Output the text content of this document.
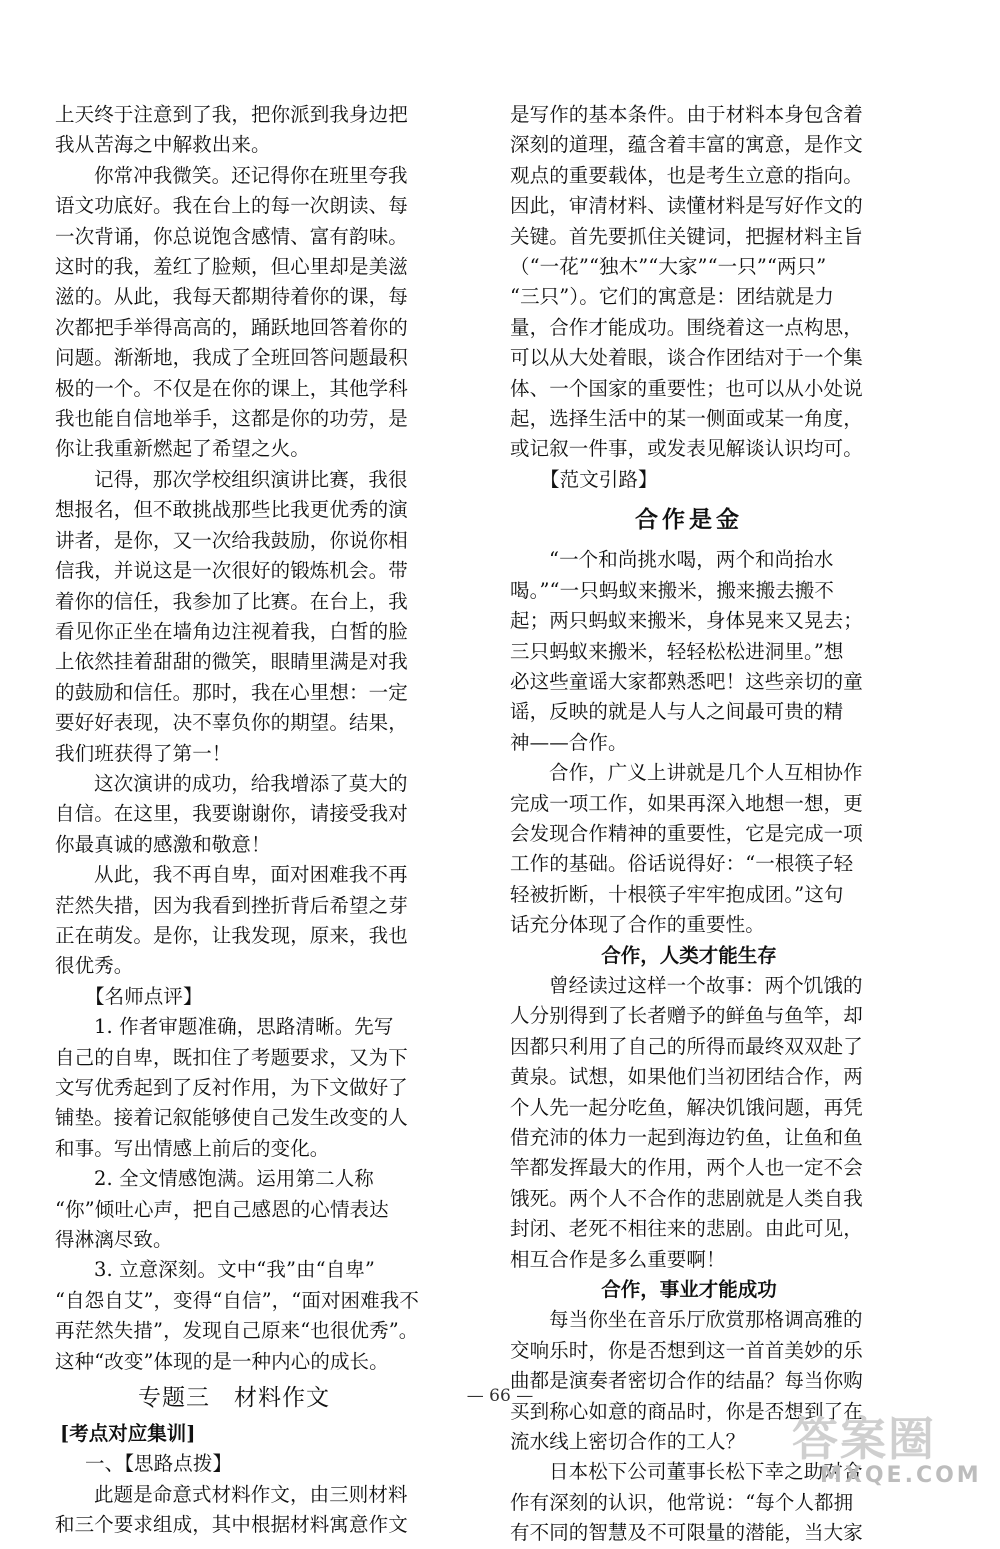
上天终于注意到了我，把你派到我身边把
我从苦海之中解救出来。
你常冲我微笑。还记得你在班里夸我
语文功底好。我在台上的每一次朗读、每
一次背诵，你总说饱含感情、富有韵味。
这时的我，羞红了脸颊，但心里却是美滋
滋的。从此，我每天都期待着你的课，每
次都把手举得高高的，踊跃地回答着你的
问题。渐渐地，我成了全班回答问题最积
极的一个。不仅是在你的课上，其他学科
我也能自信地举手，这都是你的功劳，是
你让我重新燃起了希望之火。
记得，那次学校组织演讲比赛，我很
想报名，但不敢挑战那些比我更优秀的演
讲者，是你，又一次给我鼓励，你说你相
信我，并说这是一次很好的锻炼机会。带
着你的信任，我参加了比赛。在台上，我
看见你正坐在墙角边注视着我，白皙的脸
上依然挂着甜甜的微笑，眼睛里满是对我
的鼓励和信任。那时，我在心里想：一定
要好好表现，决不辜负你的期望。结果，
我们班获得了第一！
这次演讲的成功，给我增添了莫大的
自信。在这里，我要谢谢你，请接受我对
你最真诚的感激和敬意！
从此，我不再自卑，面对困难我不再
茫然失措，因为我看到挫折背后希望之芽
正在萌发。是你，让我发现，原来，我也
很优秀。
【名师点评】
1. 作者审题准确，思路清晰。先写
自己的自卑，既扣住了考题要求，又为下
文写优秀起到了反衬作用，为下文做好了
铺垫。接着记叙能够使自己发生改变的人
和事。写出情感上前后的变化。
2. 全文情感饱满。运用第二人称
“你”倾吐心声，把自己感恩的心情表达
得淋漓尽致。
3. 立意深刻。文中“我”由“自卑”
“自怨自艾”，变得“自信”，“面对困难我不
再茫然失措”，发现自己原来“也很优秀”。
这种“改变”体现的是一种内心的成长。
专题三　材料作文
[考点对应集训]
一、【思路点拨】
此题是命意式材料作文，由三则材料
和三个要求组成，其中根据材料寓意作文
是写作的基本条件。由于材料本身包含着
深刻的道理，蕴含着丰富的寓意，是作文
观点的重要载体，也是考生立意的指向。
因此，审清材料、读懂材料是写好作文的
关键。首先要抓住关键词，把握材料主旨
（“一花”“独木”“大家”“一只”“两只”
“三只”）。它们的寓意是：团结就是力
量，合作才能成功。围绕着这一点构思，
可以从大处着眼，谈合作团结对于一个集
体、一个国家的重要性；也可以从小处说
起，选择生活中的某一侧面或某一角度，
或记叙一件事，或发表见解谈认识均可。
【范文引路】
合作是金
“一个和尚挑水喝，两个和尚抬水
喝。”“一只蚂蚁来搬米，搬来搬去搬不
起；两只蚂蚁来搬米，身体晃来又晃去；
三只蚂蚁来搬米，轻轻松松进洞里。”想
必这些童谣大家都熟悉吧！这些亲切的童
谣，反映的就是人与人之间最可贵的精
神——合作。
合作，广义上讲就是几个人互相协作
完成一项工作，如果再深入地想一想，更
会发现合作精神的重要性，它是完成一项
工作的基础。俗话说得好：“一根筷子轻
轻被折断，十根筷子牢牢抱成团。”这句
话充分体现了合作的重要性。
合作，人类才能生存
曾经读过这样一个故事：两个饥饿的
人分别得到了长者赠予的鲜鱼与鱼竿，却
因都只利用了自己的所得而最终双双赴了
黄泉。试想，如果他们当初团结合作，两
个人先一起分吃鱼，解决饥饿问题，再凭
借充沛的体力一起到海边钓鱼，让鱼和鱼
竿都发挥最大的作用，两个人也一定不会
饿死。两个人不合作的悲剧就是人类自我
封闭、老死不相往来的悲剧。由此可见，
相互合作是多么重要啊！
合作，事业才能成功
每当你坐在音乐厅欣赏那格调高雅的
交响乐时，你是否想到这一首首美妙的乐
曲都是演奏者密切合作的结晶？每当你购
买到称心如意的商品时，你是否想到了在
流水线上密切合作的工人？
日本松下公司董事长松下幸之助对合
作有深刻的认识，他常说：“每个人都拥
有不同的智慧及不可限量的潜能，当大家
— 66 —
答案圈
MXQE.COM
